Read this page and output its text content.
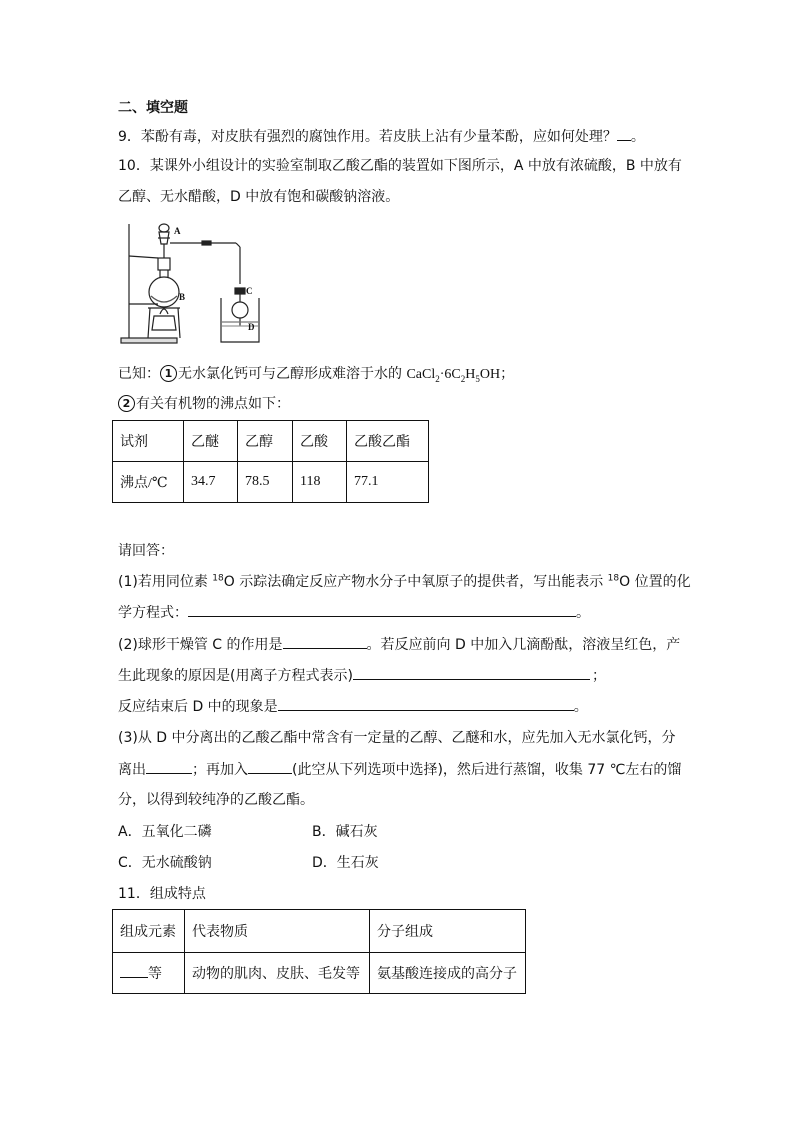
二、填空题
9．苯酚有毒，对皮肤有强烈的腐蚀作用。若皮肤上沾有少量苯酚，应如何处理？ 。
10．某课外小组设计的实验室制取乙酸乙酯的装置如下图所示，A 中放有浓硫酸，B 中放有
乙醇、无水醋酸，D 中放有饱和碳酸钠溶液。
A
B
C
D
已知： 1 无水氯化钙可与乙醇形成难溶于水的 $CaCl_2\cdot 6C_2H_5OH$；
2 有关有机物的沸点如下：
试剂	乙醚	乙醇	乙酸	乙酸乙酯
沸点/℃	34.7	78.5	118	77.1
请回答：
(1)若用同位素 $^{18}$O 示踪法确定反应产物水分子中氧原子的提供者，写出能表示 $^{18}$O 位置的化
学方程式：	。
(2)球形干燥管 C 的作用是	。若反应前向 D 中加入几滴酚酞，溶液呈红色，产
生此现象的原因是(用离子方程式表示)	；
反应结束后 D 中的现象是	。
(3)从 D 中分离出的乙酸乙酯中常含有一定量的乙醇、乙醚和水，应先加入无水氯化钙，分
离出	；再加入	(此空从下列选项中选择)，然后进行蒸馏，收集 77 ℃左右的馏
分，以得到较纯净的乙酸乙酯。
A．五氧化二磷	B．碱石灰
C．无水硫酸钠	D．生石灰
11．组成特点
组成元素	代表物质	分子组成
等	动物的肌肉、皮肤、毛发等	氨基酸连接成的高分子
